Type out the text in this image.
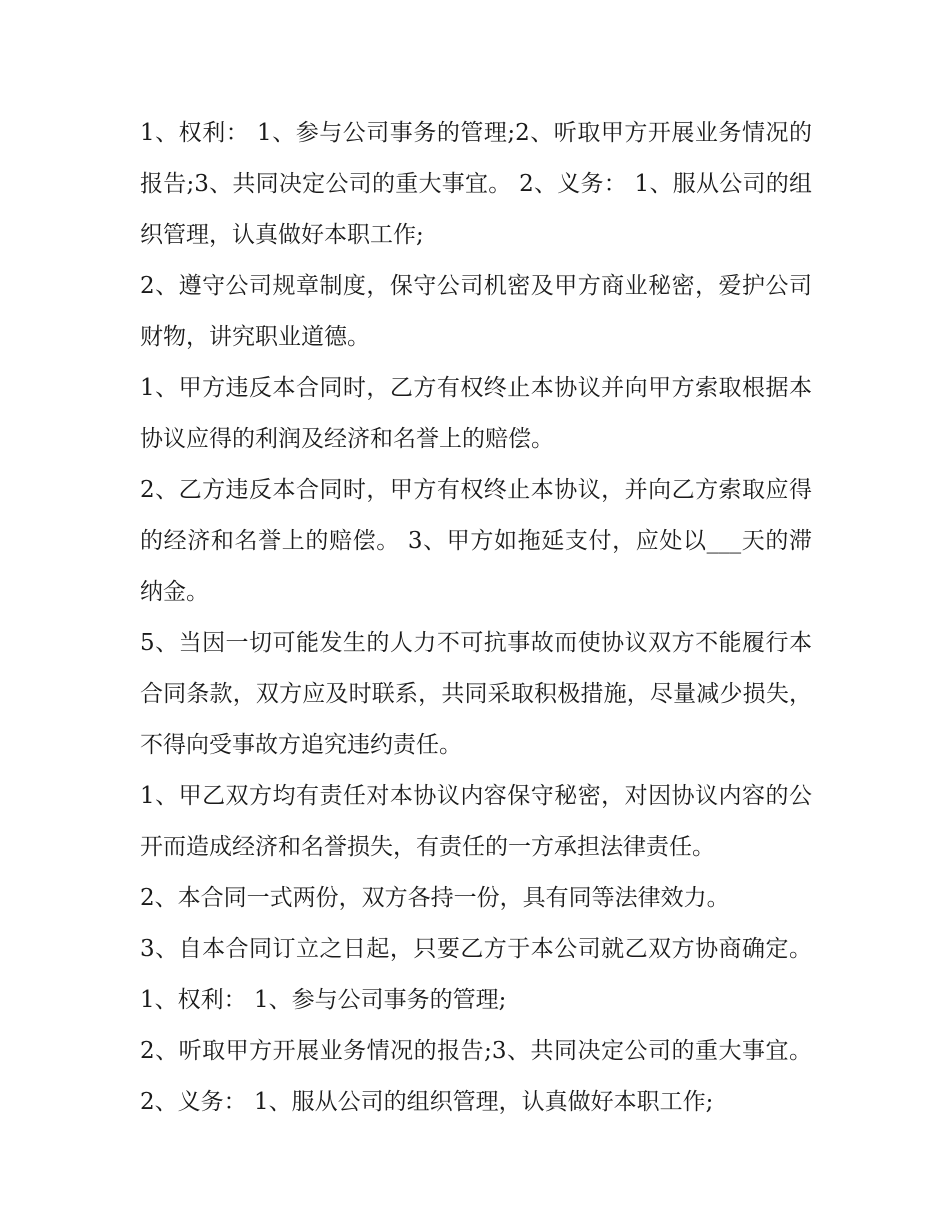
1、权利： 1、参与公司事务的管理;2、听取甲方开展业务情况的报告;3、共同决定公司的重大事宜。 2、义务： 1、服从公司的组织管理，认真做好本职工作;

2、遵守公司规章制度，保守公司机密及甲方商业秘密，爱护公司财物，讲究职业道德。

1、甲方违反本合同时，乙方有权终止本协议并向甲方索取根据本协议应得的利润及经济和名誉上的赔偿。

2、乙方违反本合同时，甲方有权终止本协议，并向乙方索取应得的经济和名誉上的赔偿。 3、甲方如拖延支付，应处以___天的滞纳金。

5、当因一切可能发生的人力不可抗事故而使协议双方不能履行本合同条款，双方应及时联系，共同采取积极措施，尽量减少损失，不得向受事故方追究违约责任。

1、甲乙双方均有责任对本协议内容保守秘密，对因协议内容的公开而造成经济和名誉损失，有责任的一方承担法律责任。

2、本合同一式两份，双方各持一份，具有同等法律效力。

3、自本合同订立之日起，只要乙方于本公司就乙双方协商确定。 1、权利： 1、参与公司事务的管理;

2、听取甲方开展业务情况的报告;3、共同决定公司的重大事宜。 2、义务： 1、服从公司的组织管理，认真做好本职工作;
